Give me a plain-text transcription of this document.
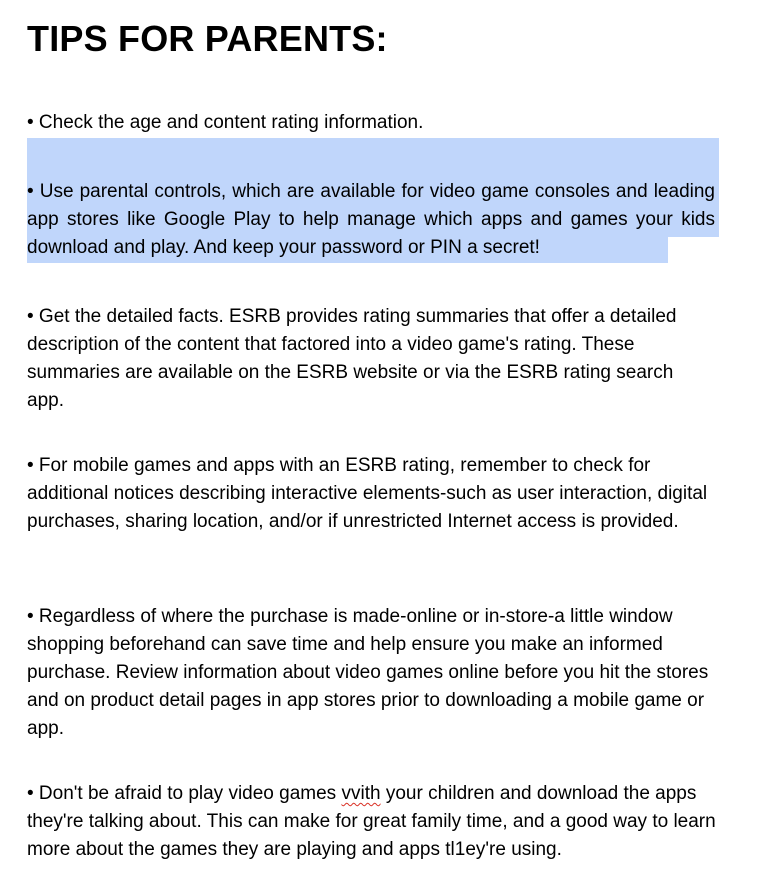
TIPS FOR PARENTS:

• Check the age and content rating information.

• Use parental controls, which are available for video game consoles and leading app stores like Google Play to help manage which apps and games your kids download and play. And keep your password or PIN a secret!

• Get the detailed facts. ESRB provides rating summaries that offer a detailed description of the content that factored into a video game's rating. These summaries are available on the ESRB website or via the ESRB rating search app.

• For mobile games and apps with an ESRB rating, remember to check for additional notices describing interactive elements-such as user interaction, digital purchases, sharing location, and/or if unrestricted Internet access is provided.

• Regardless of where the purchase is made-online or in-store-a little window shopping beforehand can save time and help ensure you make an informed purchase. Review information about video games online before you hit the stores and on product detail pages in app stores prior to downloading a mobile game or app.

• Don't be afraid to play video games vvith your children and download the apps they're talking about. This can make for great family time, and a good way to learn more about the games they are playing and apps tl1ey're using.
